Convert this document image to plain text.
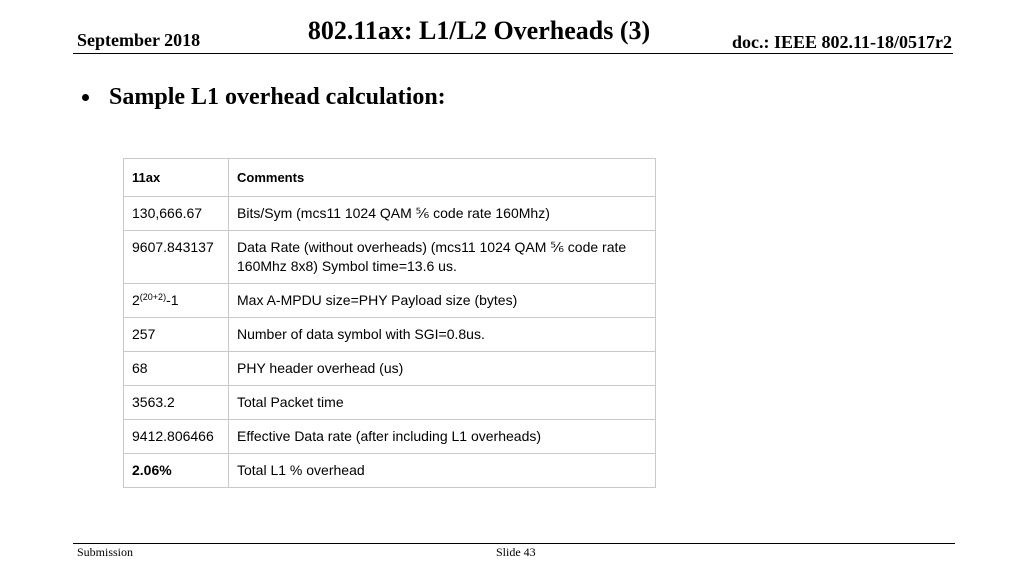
September 2018	802.11ax: L1/L2 Overheads (3)	doc.: IEEE 802.11-18/0517r2
Sample L1 overhead calculation:
11ax	Comments
130,666.67	Bits/Sym (mcs11 1024 QAM ⅚ code rate 160Mhz)
9607.843137	Data Rate (without overheads) (mcs11 1024 QAM ⅚ code rate 160Mhz 8x8) Symbol time=13.6 us.
$2^{(20+2)}-1$	Max A-MPDU size=PHY Payload size (bytes)
257	Number of data symbol with SGI=0.8us.
68	PHY header overhead (us)
3563.2	Total Packet time
9412.806466	Effective Data rate (after including L1 overheads)
2.06%	Total L1 % overhead
Submission	Slide 43
